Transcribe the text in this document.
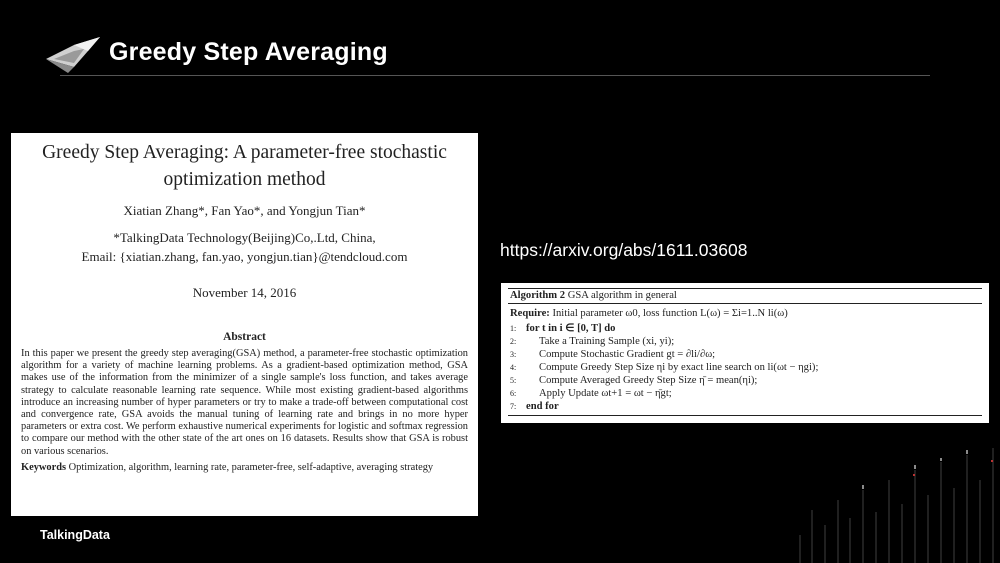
Greedy Step Averaging
Greedy Step Averaging: A parameter-free stochastic
optimization method
Xiatian Zhang*, Fan Yao*, and Yongjun Tian*
*TalkingData Technology(Beijing)Co,.Ltd, China,
Email: {xiatian.zhang, fan.yao, yongjun.tian}@tendcloud.com
November 14, 2016
Abstract
In this paper we present the greedy step averaging(GSA) method, a parameter-free stochastic optimization algorithm for a variety of machine learning problems. As a gradient-based optimization method, GSA makes use of the information from the minimizer of a single sample's loss function, and takes average strategy to calculate reasonable learning rate sequence. While most existing gradient-based algorithms introduce an increasing number of hyper parameters or try to make a trade-off between computational cost and convergence rate, GSA avoids the manual tuning of learning rate and brings in no more hyper parameters or extra cost. We perform exhaustive numerical experiments for logistic and softmax regression to compare our method with the other state of the art ones on 16 datasets. Results show that GSA is robust on various scenarios.
Keywords Optimization, algorithm, learning rate, parameter-free, self-adaptive, averaging strategy
https://arxiv.org/abs/1611.03608
Algorithm 2 GSA algorithm in general
Require: Initial parameter ω0, loss function L(ω) = Σi=1..N li(ω)
1: for t in i ∈ [0, T] do
2: Take a Training Sample (xi, yi);
3: Compute Stochastic Gradient gt = ∂li/∂ω;
4: Compute Greedy Step Size ηi by exact line search on li(ωt − ηgi);
5: Compute Averaged Greedy Step Size η̄ = mean(ηi);
6: Apply Update ωt+1 = ωt − η̄gt;
7: end for
TalkingData
